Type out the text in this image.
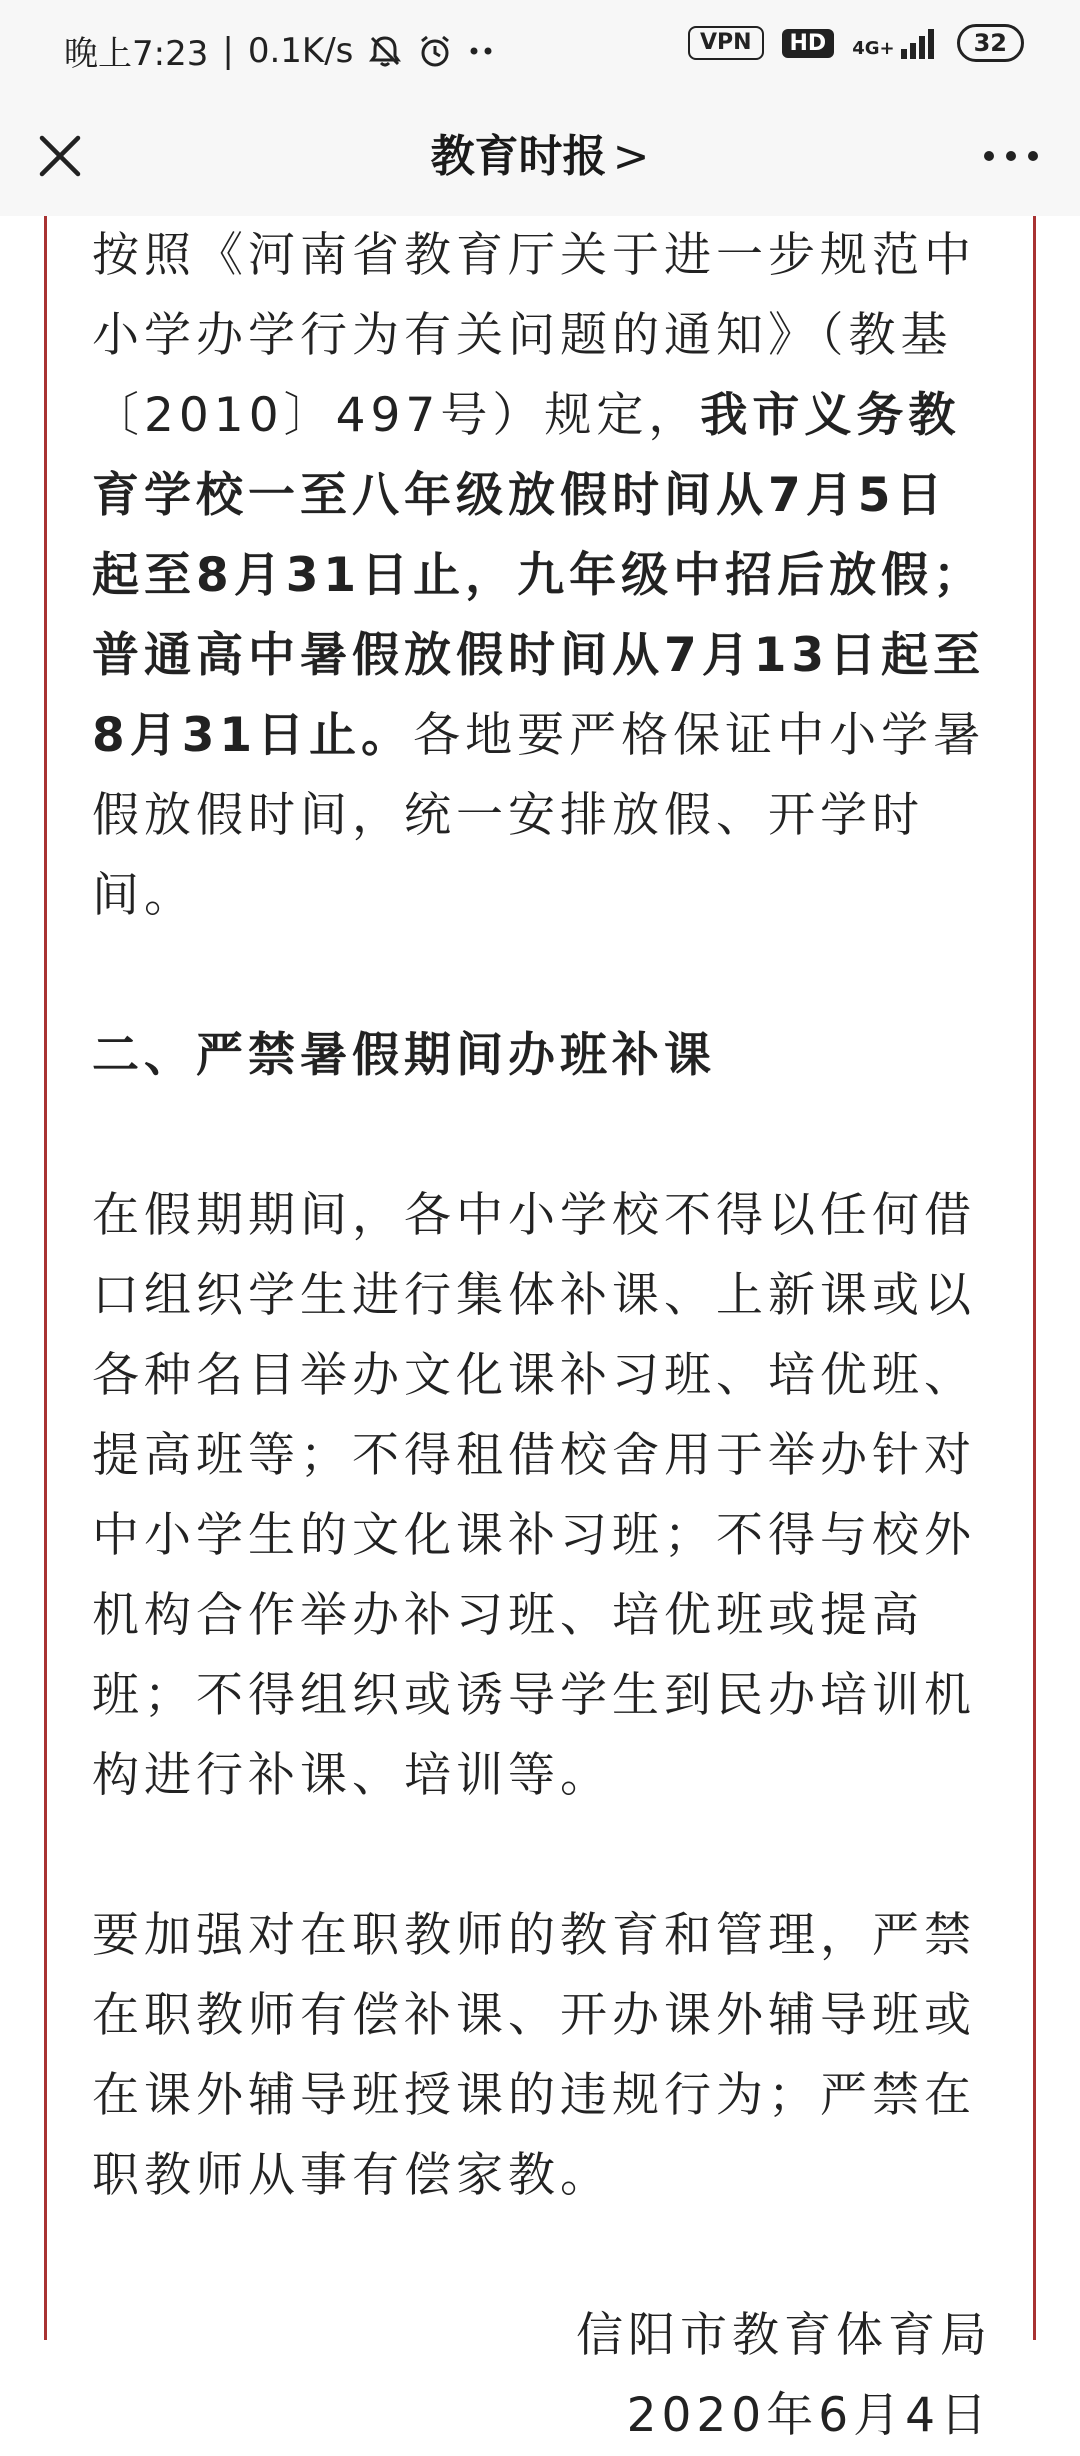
晚上7:23 | 0.1K/s	VPN	HD	4G+	32
教育时报 >

按照《河南省教育厅关于进一步规范中小学办学行为有关问题的通知》（教基〔2010〕497号）规定，我市义务教育学校一至八年级放假时间从7月5日起至8月31日止，九年级中招后放假；普通高中暑假放假时间从7月13日起至8月31日止。各地要严格保证中小学暑假放假时间，统一安排放假、开学时间。

二、严禁暑假期间办班补课

在假期期间，各中小学校不得以任何借口组织学生进行集体补课、上新课或以各种名目举办文化课补习班、培优班、提高班等；不得租借校舍用于举办针对中小学生的文化课补习班；不得与校外机构合作举办补习班、培优班或提高班；不得组织或诱导学生到民办培训机构进行补课、培训等。

要加强对在职教师的教育和管理，严禁在职教师有偿补课、开办课外辅导班或在课外辅导班授课的违规行为；严禁在职教师从事有偿家教。

信阳市教育体育局

2020年6月4日
